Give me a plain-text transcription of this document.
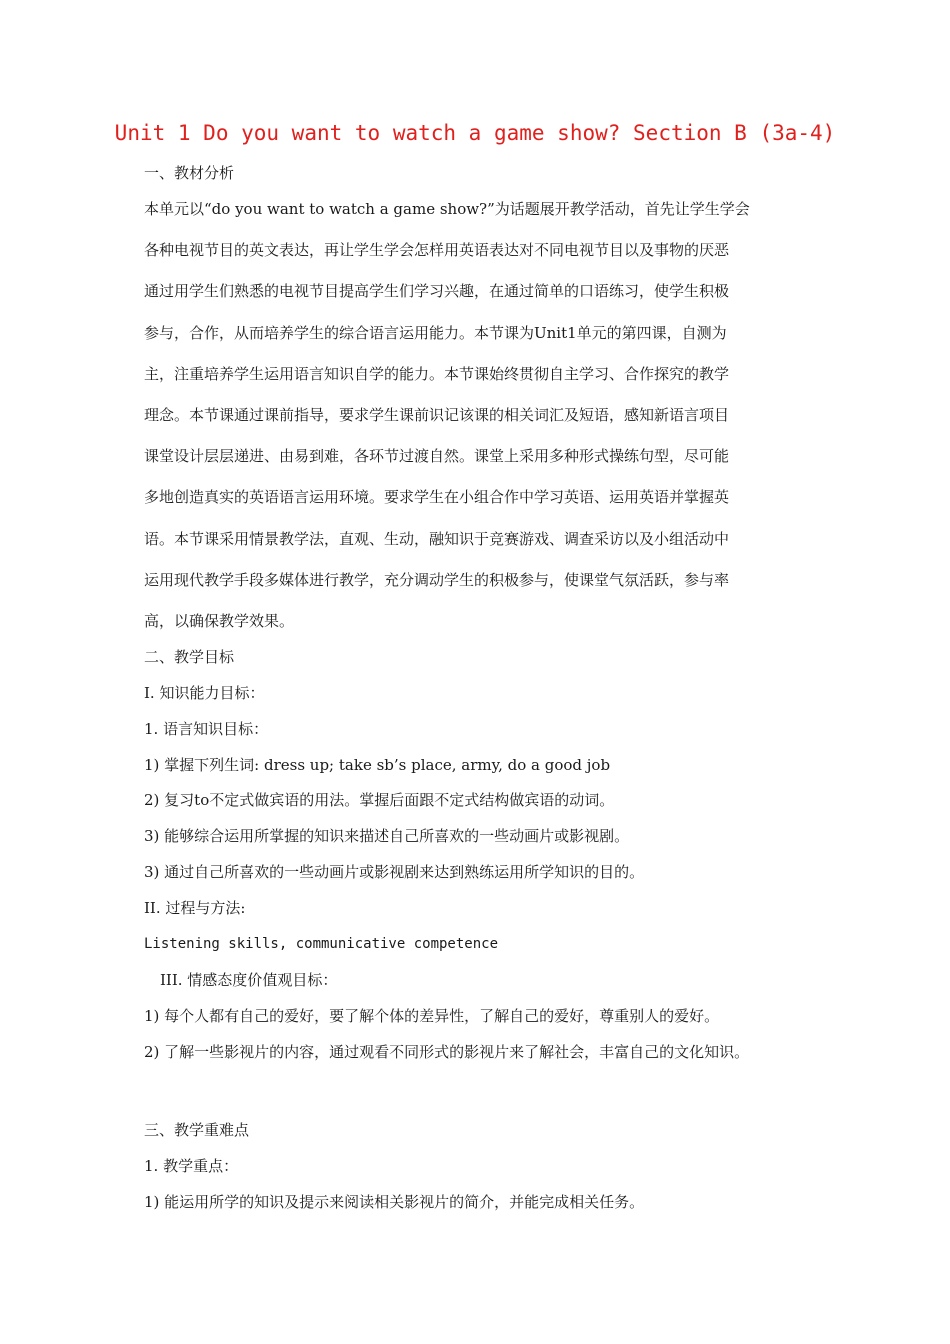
Unit 1 Do you want to watch a game show? Section B (3a-4)
一、教材分析

本单元以“do you want to watch a game show?”为话题展开教学活动，首先让学生学会

各种电视节目的英文表达，再让学生学会怎样用英语表达对不同电视节目以及事物的厌恶

通过用学生们熟悉的电视节目提高学生们学习兴趣，在通过简单的口语练习，使学生积极

参与，合作，从而培养学生的综合语言运用能力。本节课为Unit1单元的第四课，自测为

主，注重培养学生运用语言知识自学的能力。本节课始终贯彻自主学习、合作探究的教学

理念。本节课通过课前指导，要求学生课前识记该课的相关词汇及短语，感知新语言项目

课堂设计层层递进、由易到难，各环节过渡自然。课堂上采用多种形式操练句型，尽可能

多地创造真实的英语语言运用环境。要求学生在小组合作中学习英语、运用英语并掌握英

语。本节课采用情景教学法，直观、生动，融知识于竞赛游戏、调查采访以及小组活动中

运用现代教学手段多媒体进行教学，充分调动学生的积极参与，使课堂气氛活跃，参与率

高，以确保教学效果。

二、教学目标
I. 知识能力目标：
1. 语言知识目标：
1) 掌握下列生词: dress up; take sb’s place, army, do a good job
2) 复习to不定式做宾语的用法。掌握后面跟不定式结构做宾语的动词。
3) 能够综合运用所掌握的知识来描述自己所喜欢的一些动画片或影视剧。
3) 通过自己所喜欢的一些动画片或影视剧来达到熟练运用所学知识的目的。
II. 过程与方法:
Listening skills, communicative competence
III. 情感态度价值观目标：
1) 每个人都有自己的爱好，要了解个体的差异性，了解自己的爱好，尊重别人的爱好。
2) 了解一些影视片的内容，通过观看不同形式的影视片来了解社会，丰富自己的文化知识。
三、教学重难点
1. 教学重点：
1) 能运用所学的知识及提示来阅读相关影视片的简介，并能完成相关任务。
